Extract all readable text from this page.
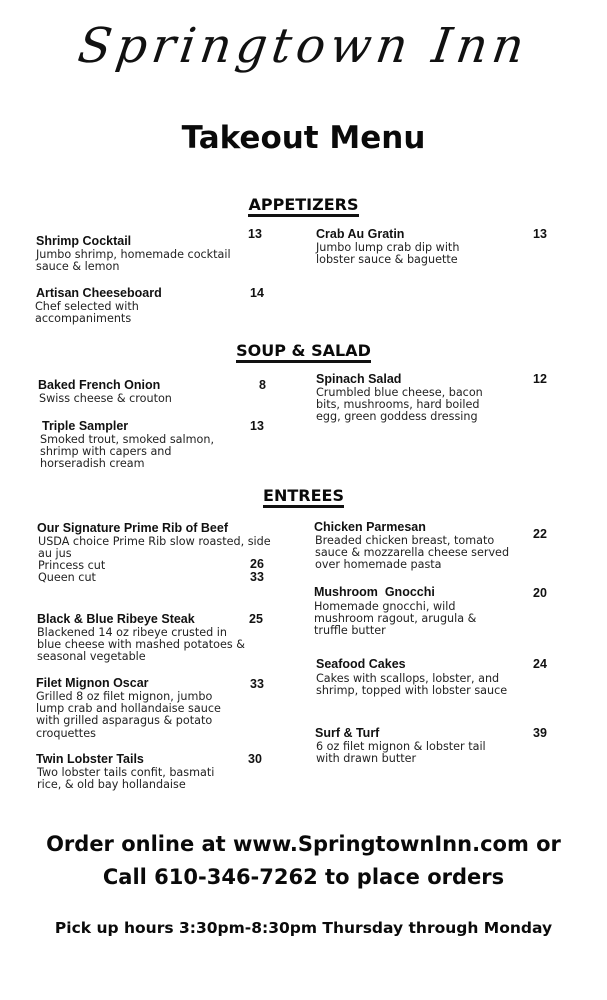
Springtown Inn
Takeout Menu
APPETIZERS
Shrimp Cocktail	13
Jumbo shrimp, homemade cocktail sauce & lemon
Artisan Cheeseboard	14
Chef selected with accompaniments
Crab Au Gratin	13
Jumbo lump crab dip with lobster sauce & baguette
SOUP & SALAD
Baked French Onion	8
Swiss cheese & crouton
Triple Sampler	13
Smoked trout, smoked salmon, shrimp with capers and horseradish cream
Spinach Salad	12
Crumbled blue cheese, bacon bits, mushrooms, hard boiled egg, green goddess dressing
ENTREES
Our Signature Prime Rib of Beef
USDA choice Prime Rib slow roasted, side au jus
Princess cut	26
Queen cut	33
Black & Blue Ribeye Steak	25
Blackened 14 oz ribeye crusted in blue cheese with mashed potatoes & seasonal vegetable
Filet Mignon Oscar	33
Grilled 8 oz filet mignon, jumbo lump crab and hollandaise sauce with grilled asparagus & potato croquettes
Twin Lobster Tails	30
Two lobster tails confit, basmati rice, & old bay hollandaise
Chicken Parmesan	22
Breaded chicken breast, tomato sauce & mozzarella cheese served over homemade pasta
Mushroom  Gnocchi	20
Homemade gnocchi, wild mushroom ragout, arugula & truffle butter
Seafood Cakes	24
Cakes with scallops, lobster, and shrimp, topped with lobster sauce
Surf & Turf	39
6 oz filet mignon & lobster tail with drawn butter
Order online at www.SpringtownInn.com or
Call 610-346-7262 to place orders
Pick up hours 3:30pm-8:30pm Thursday through Monday
